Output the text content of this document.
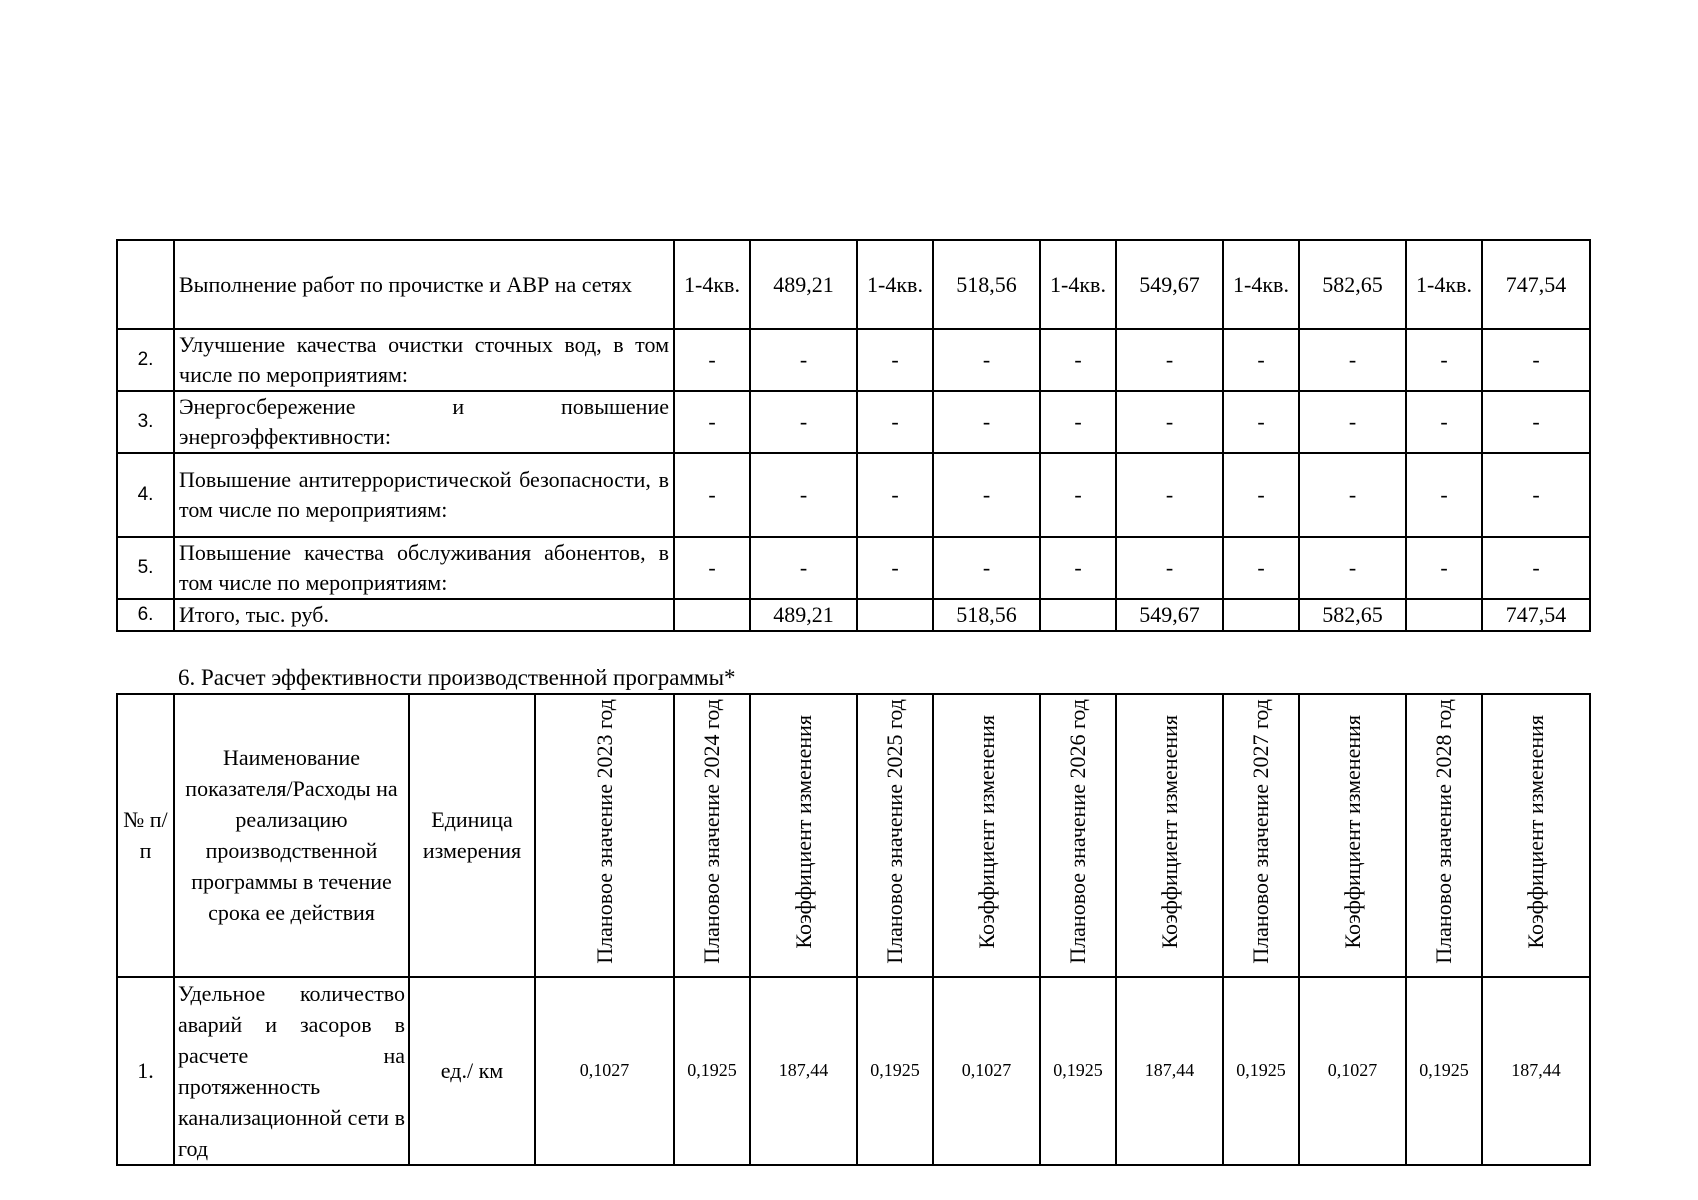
	Выполнение работ по прочистке и АВР на сетях	1-4кв.	489,21	1-4кв.	518,56	1-4кв.	549,67	1-4кв.	582,65	1-4кв.	747,54
2.	Улучшение качества очистки сточных вод, в том числе по мероприятиям:	-	-	-	-	-	-	-	-	-	-
3.	Энергосбережение и повышение энергоэффективности:	-	-	-	-	-	-	-	-	-	-
4.	Повышение антитеррористической безопасности, в том числе по мероприятиям:	-	-	-	-	-	-	-	-	-	-
5.	Повышение качества обслуживания абонентов, в том числе по мероприятиям:	-	-	-	-	-	-	-	-	-	-
6.	Итого, тыс. руб.		489,21		518,56		549,67		582,65		747,54
6. Расчет эффективности производственной программы*
№ п/п	Наименование показателя/Расходы на реализацию производственной программы в течение срока ее действия	Единица измерения	Плановое значение 2023 год	Плановое значение 2024 год	Коэффициент изменения	Плановое значение 2025 год	Коэффициент изменения	Плановое значение 2026 год	Коэффициент изменения	Плановое значение 2027 год	Коэффициент изменения	Плановое значение 2028 год	Коэффициент изменения
1.	Удельное количество аварий и засоров в расчете на протяженность канализационной сети в год	ед./ км	0,1027	0,1925	187,44	0,1925	0,1027	0,1925	187,44	0,1925	0,1027	0,1925	187,44
